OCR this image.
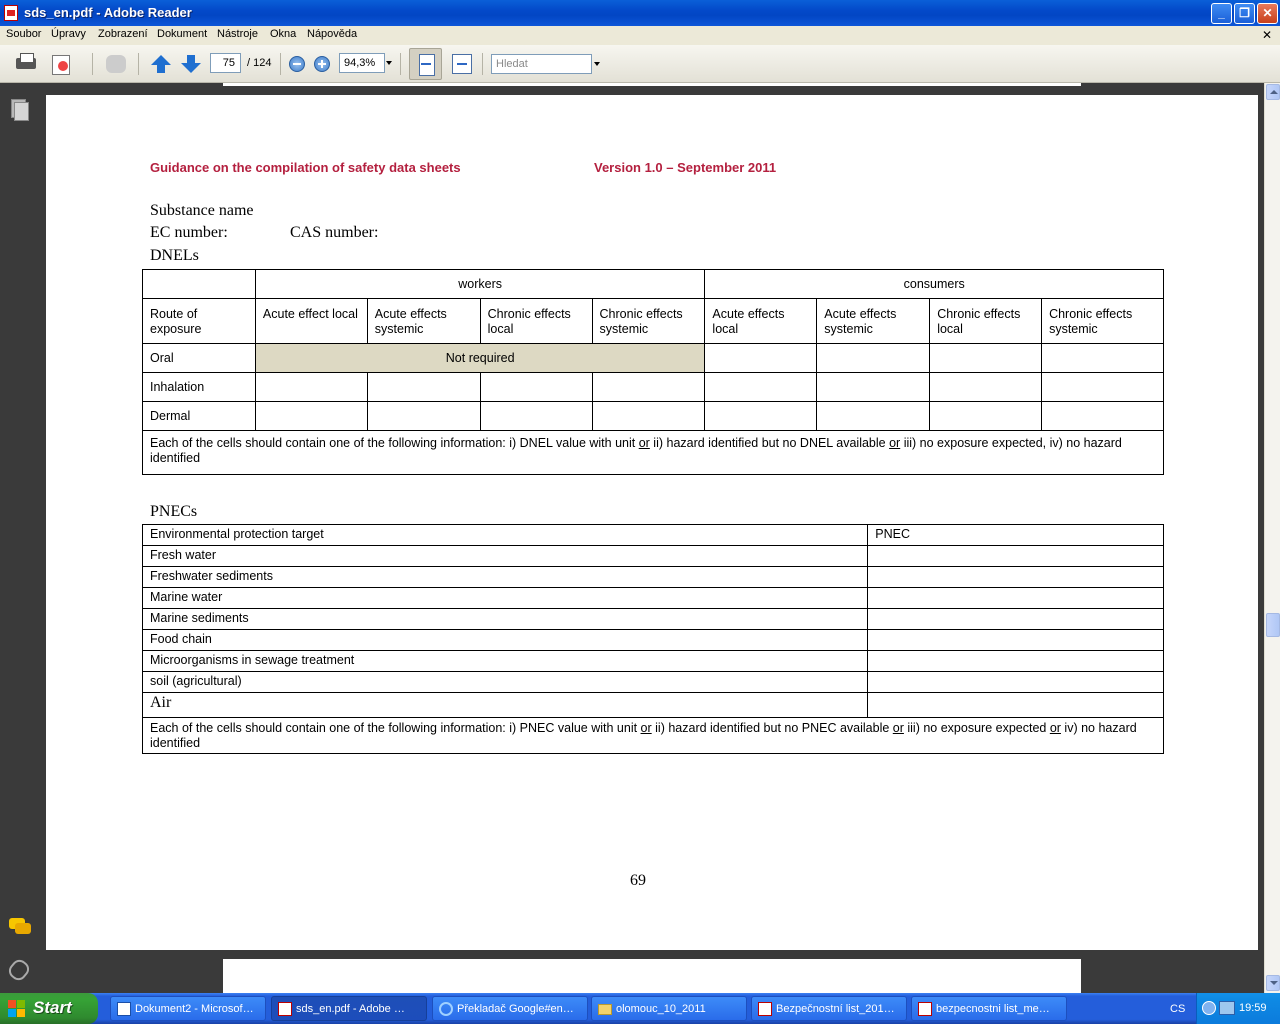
sds_en.pdf - Adobe Reader	_	❐	✕
Soubor Úpravy Zobrazení Dokument Nástroje Okna Nápověda	✕
75	/ 124	94,3%	Hledat
Guidance on the compilation of safety data sheets	Version 1.0 – September 2011
Substance name
EC number:	CAS number:
DNELs
	workers				consumers			
Route of exposure	Acute effect local	Acute effects systemic	Chronic effects local	Chronic effects systemic	Acute effects local	Acute effects systemic	Chronic effects local	Chronic effects systemic
Oral	Not required							
Inhalation								
Dermal								
Each of the cells should contain one of the following information: i) DNEL value with unit or ii) hazard identified but no DNEL available or iii) no exposure expected, iv) no hazard identified								
PNECs
Environmental protection target	PNEC
Fresh water	
Freshwater sediments	
Marine water	
Marine sediments	
Food chain	
Microorganisms in sewage treatment	
soil (agricultural)	
Air	
Each of the cells should contain one of the following information: i) PNEC value with unit or ii) hazard identified but no PNEC available or iii) no exposure expected or iv) no hazard identified	
69
Start	Dokument2 - Microsof…	sds_en.pdf - Adobe …	Překladač Google#en…	olomouc_10_2011	Bezpečnostní list_201…	bezpecnostni list_me…	19:59
CS
